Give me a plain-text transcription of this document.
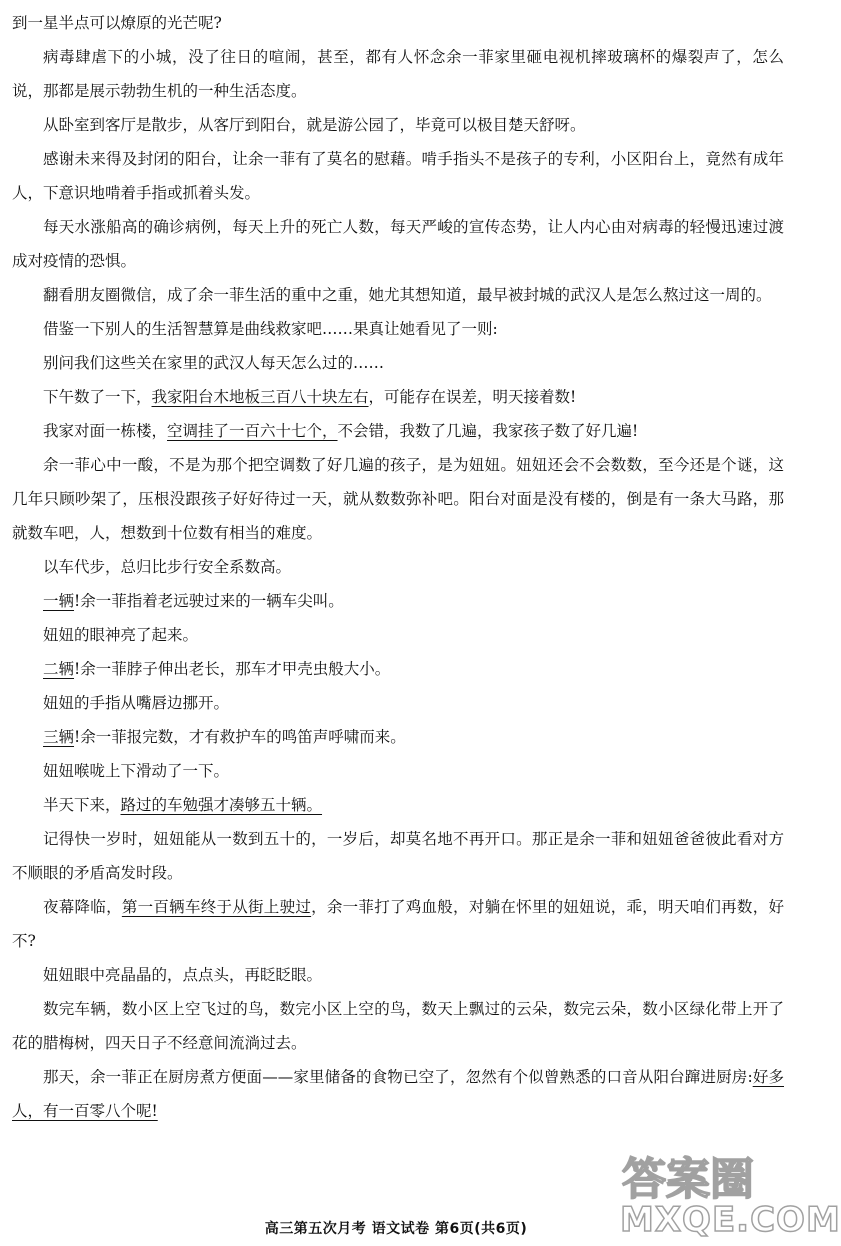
到一星半点可以燎原的光芒呢?

病毒肆虐下的小城，没了往日的喧闹，甚至，都有人怀念余一菲家里砸电视机摔玻璃杯的爆裂声了，怎么说，那都是展示勃勃生机的一种生活态度。

从卧室到客厅是散步，从客厅到阳台，就是游公园了，毕竟可以极目楚天舒呀。

感谢未来得及封闭的阳台，让余一菲有了莫名的慰藉。啃手指头不是孩子的专利，小区阳台上，竟然有成年人，下意识地啃着手指或抓着头发。

每天水涨船高的确诊病例，每天上升的死亡人数，每天严峻的宣传态势，让人内心由对病毒的轻慢迅速过渡成对疫情的恐惧。

翻看朋友圈微信，成了余一菲生活的重中之重，她尤其想知道，最早被封城的武汉人是怎么熬过这一周的。

借鉴一下别人的生活智慧算是曲线救家吧……果真让她看见了一则:

别问我们这些关在家里的武汉人每天怎么过的……

下午数了一下，我家阳台木地板三百八十块左右，可能存在误差，明天接着数!

我家对面一栋楼，空调挂了一百六十七个，不会错，我数了几遍，我家孩子数了好几遍!

余一菲心中一酸，不是为那个把空调数了好几遍的孩子，是为妞妞。妞妞还会不会数数，至今还是个谜，这几年只顾吵架了，压根没跟孩子好好待过一天，就从数数弥补吧。阳台对面是没有楼的，倒是有一条大马路，那就数车吧，人，想数到十位数有相当的难度。

以车代步，总归比步行安全系数高。

一辆!余一菲指着老远驶过来的一辆车尖叫。

妞妞的眼神亮了起来。

二辆!余一菲脖子伸出老长，那车才甲壳虫般大小。

妞妞的手指从嘴唇边挪开。

三辆!余一菲报完数，才有救护车的鸣笛声呼啸而来。

妞妞喉咙上下滑动了一下。

半天下来，路过的车勉强才凑够五十辆。

记得快一岁时，妞妞能从一数到五十的，一岁后，却莫名地不再开口。那正是余一菲和妞妞爸爸彼此看对方不顺眼的矛盾高发时段。

夜幕降临，第一百辆车终于从街上驶过，余一菲打了鸡血般，对躺在怀里的妞妞说，乖，明天咱们再数，好不?

妞妞眼中亮晶晶的，点点头，再眨眨眼。

数完车辆，数小区上空飞过的鸟，数完小区上空的鸟，数天上飘过的云朵，数完云朵，数小区绿化带上开了花的腊梅树，四天日子不经意间流淌过去。

那天，余一菲正在厨房煮方便面——家里储备的食物已空了，忽然有个似曾熟悉的口音从阳台蹿进厨房:好多人，有一百零八个呢!

高三第五次月考 语文试卷 第6页(共6页)
答案圈
MXQE.COM
